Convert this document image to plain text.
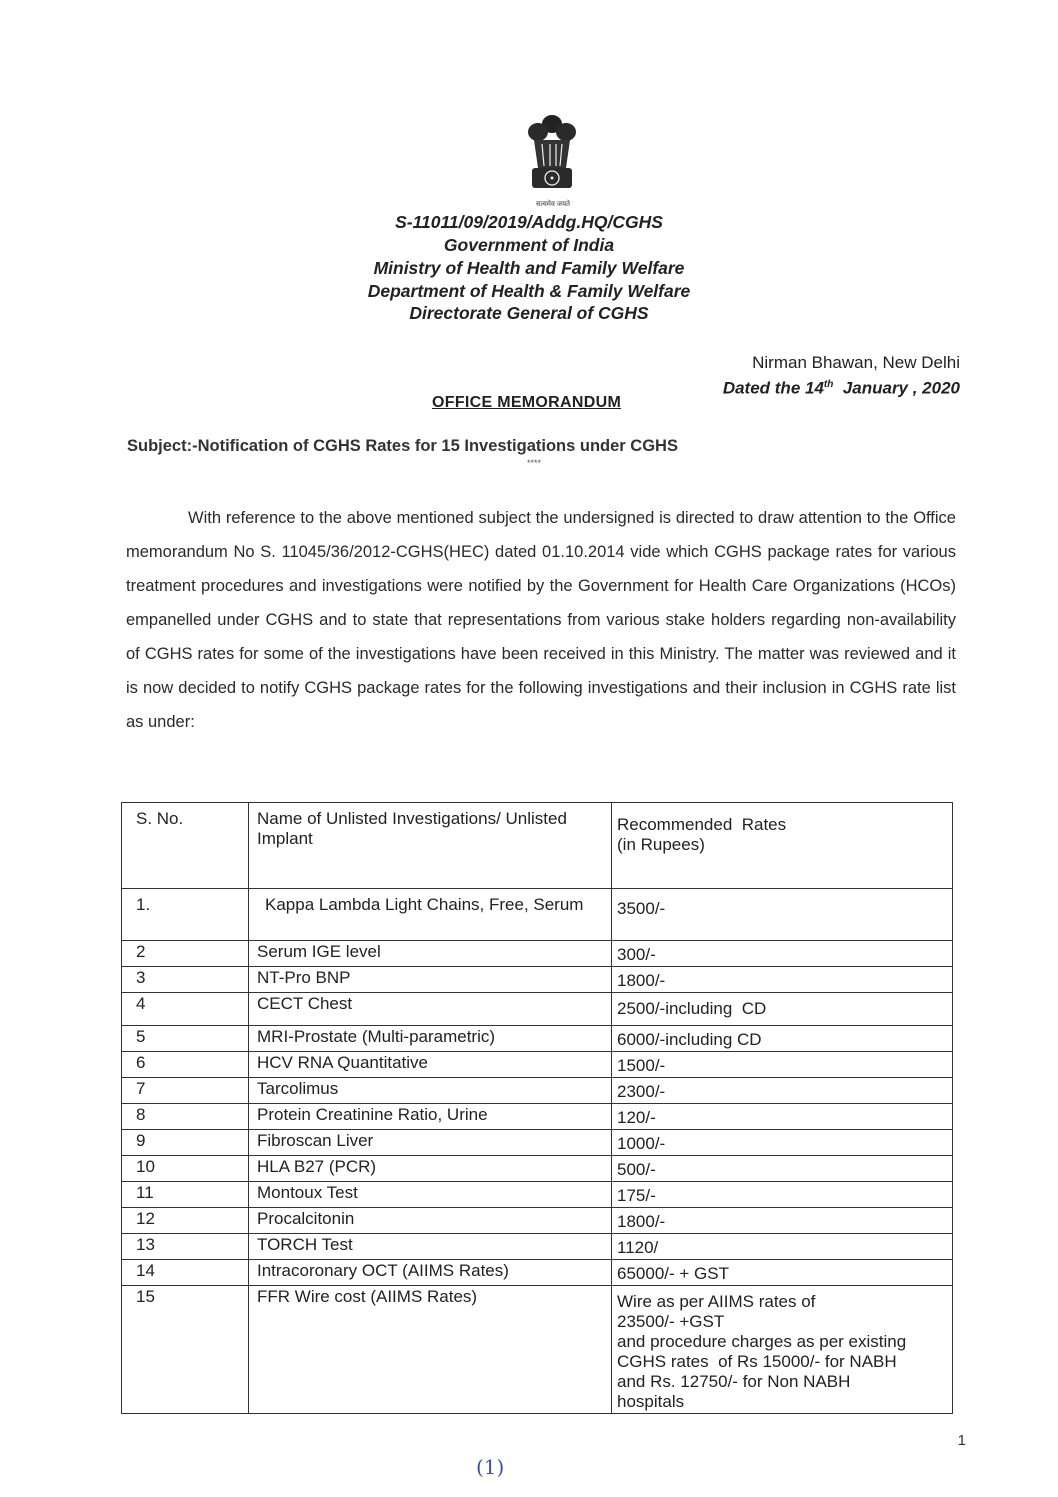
सत्यमेव जयते
S-11011/09/2019/Addg.HQ/CGHS
Government of India
Ministry of Health and Family Welfare
Department of Health & Family Welfare
Directorate General of CGHS
Nirman Bhawan, New Delhi
Dated the 14th  January , 2020
OFFICE MEMORANDUM
Subject:-Notification of CGHS Rates for 15 Investigations under CGHS
****
With reference to the above mentioned subject the undersigned is directed to draw attention to the Office memorandum No S. 11045/36/2012-CGHS(HEC) dated 01.10.2014 vide which CGHS package rates for various treatment procedures and investigations were notified by the Government for Health Care Organizations (HCOs) empanelled under CGHS and to state that representations from various stake holders regarding non-availability of CGHS rates for some of the investigations have been received in this Ministry. The matter was reviewed and it is now decided to notify CGHS package rates for the following investigations and their inclusion in CGHS rate list as under:
S. No.	Name of Unlisted Investigations/ Unlisted Implant	Recommended  Rates
(in Rupees)

1.	Kappa Lambda Light Chains, Free, Serum	3500/-
2	Serum IGE level	300/-
3	NT-Pro BNP	1800/-
4	CECT Chest	2500/-including  CD
5	MRI-Prostate (Multi-parametric)	6000/-including CD
6	HCV RNA Quantitative	1500/-
7	Tarcolimus	2300/-
8	Protein Creatinine Ratio, Urine	120/-
9	Fibroscan Liver	1000/-
10	HLA B27 (PCR)	500/-
11	Montoux Test	175/-
12	Procalcitonin	1800/-
13	TORCH Test	1120/
14	Intracoronary OCT (AIIMS Rates)	65000/- + GST
15	FFR Wire cost (AIIMS Rates)	Wire as per AIIMS rates of
23500/- +GST
and procedure charges as per existing
CGHS rates  of Rs 15000/- for NABH
and Rs. 12750/- for Non NABH
hospitals
1
(1)
